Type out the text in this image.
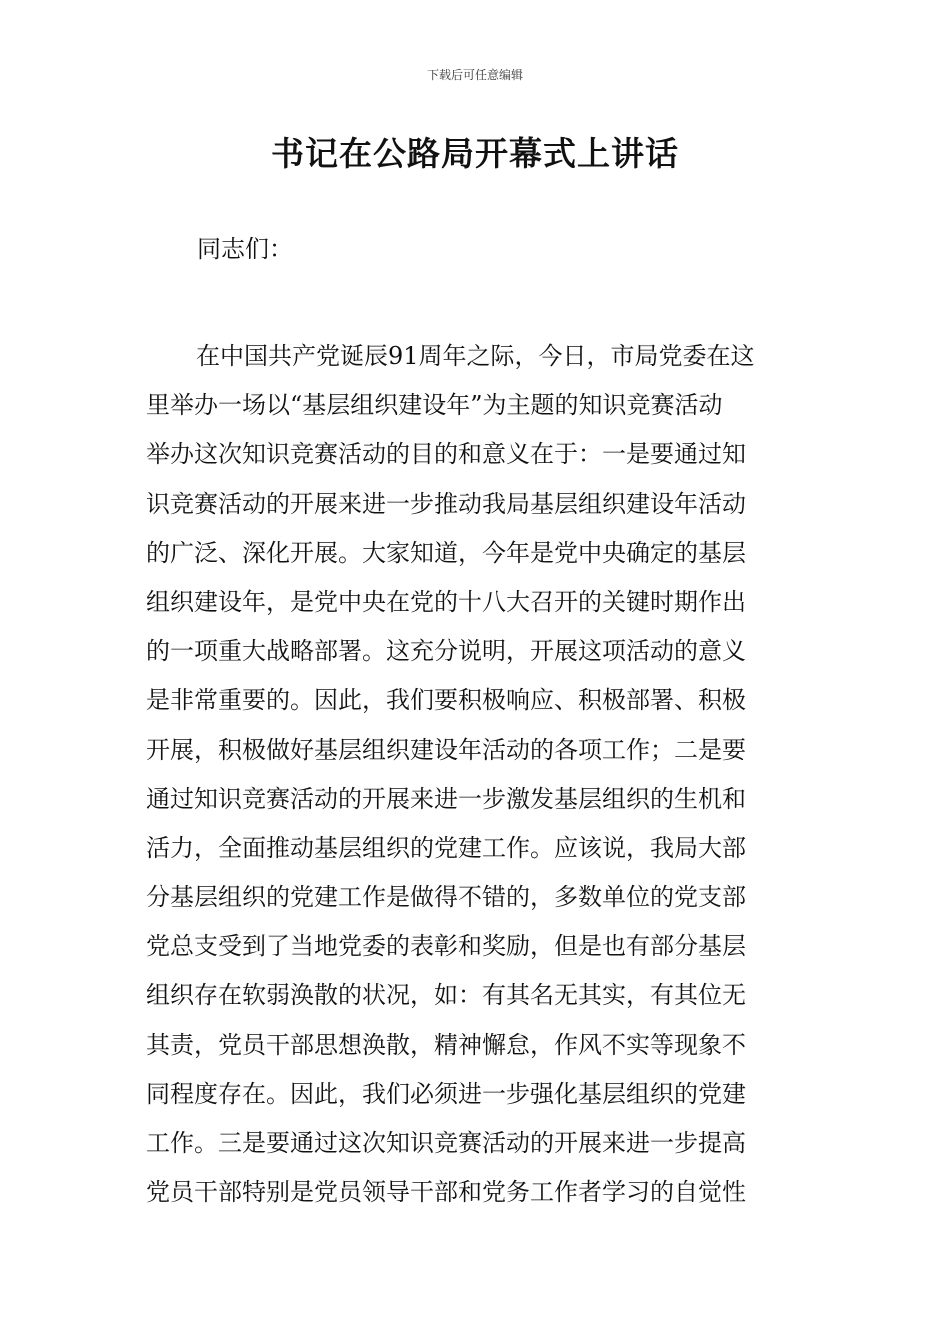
下载后可任意编辑
书记在公路局开幕式上讲话
同志们：
在中国共产党诞辰91周年之际，今日，市局党委在这
里举办一场以“基层组织建设年”为主题的知识竞赛活动
举办这次知识竞赛活动的目的和意义在于：一是要通过知
识竞赛活动的开展来进一步推动我局基层组织建设年活动
的广泛、深化开展。大家知道，今年是党中央确定的基层
组织建设年，是党中央在党的十八大召开的关键时期作出
的一项重大战略部署。这充分说明，开展这项活动的意义
是非常重要的。因此，我们要积极响应、积极部署、积极
开展，积极做好基层组织建设年活动的各项工作；二是要
通过知识竞赛活动的开展来进一步激发基层组织的生机和
活力，全面推动基层组织的党建工作。应该说，我局大部
分基层组织的党建工作是做得不错的，多数单位的党支部
党总支受到了当地党委的表彰和奖励，但是也有部分基层
组织存在软弱涣散的状况，如：有其名无其实，有其位无
其责，党员干部思想涣散，精神懈怠，作风不实等现象不
同程度存在。因此，我们必须进一步强化基层组织的党建
工作。三是要通过这次知识竞赛活动的开展来进一步提高
党员干部特别是党员领导干部和党务工作者学习的自觉性
